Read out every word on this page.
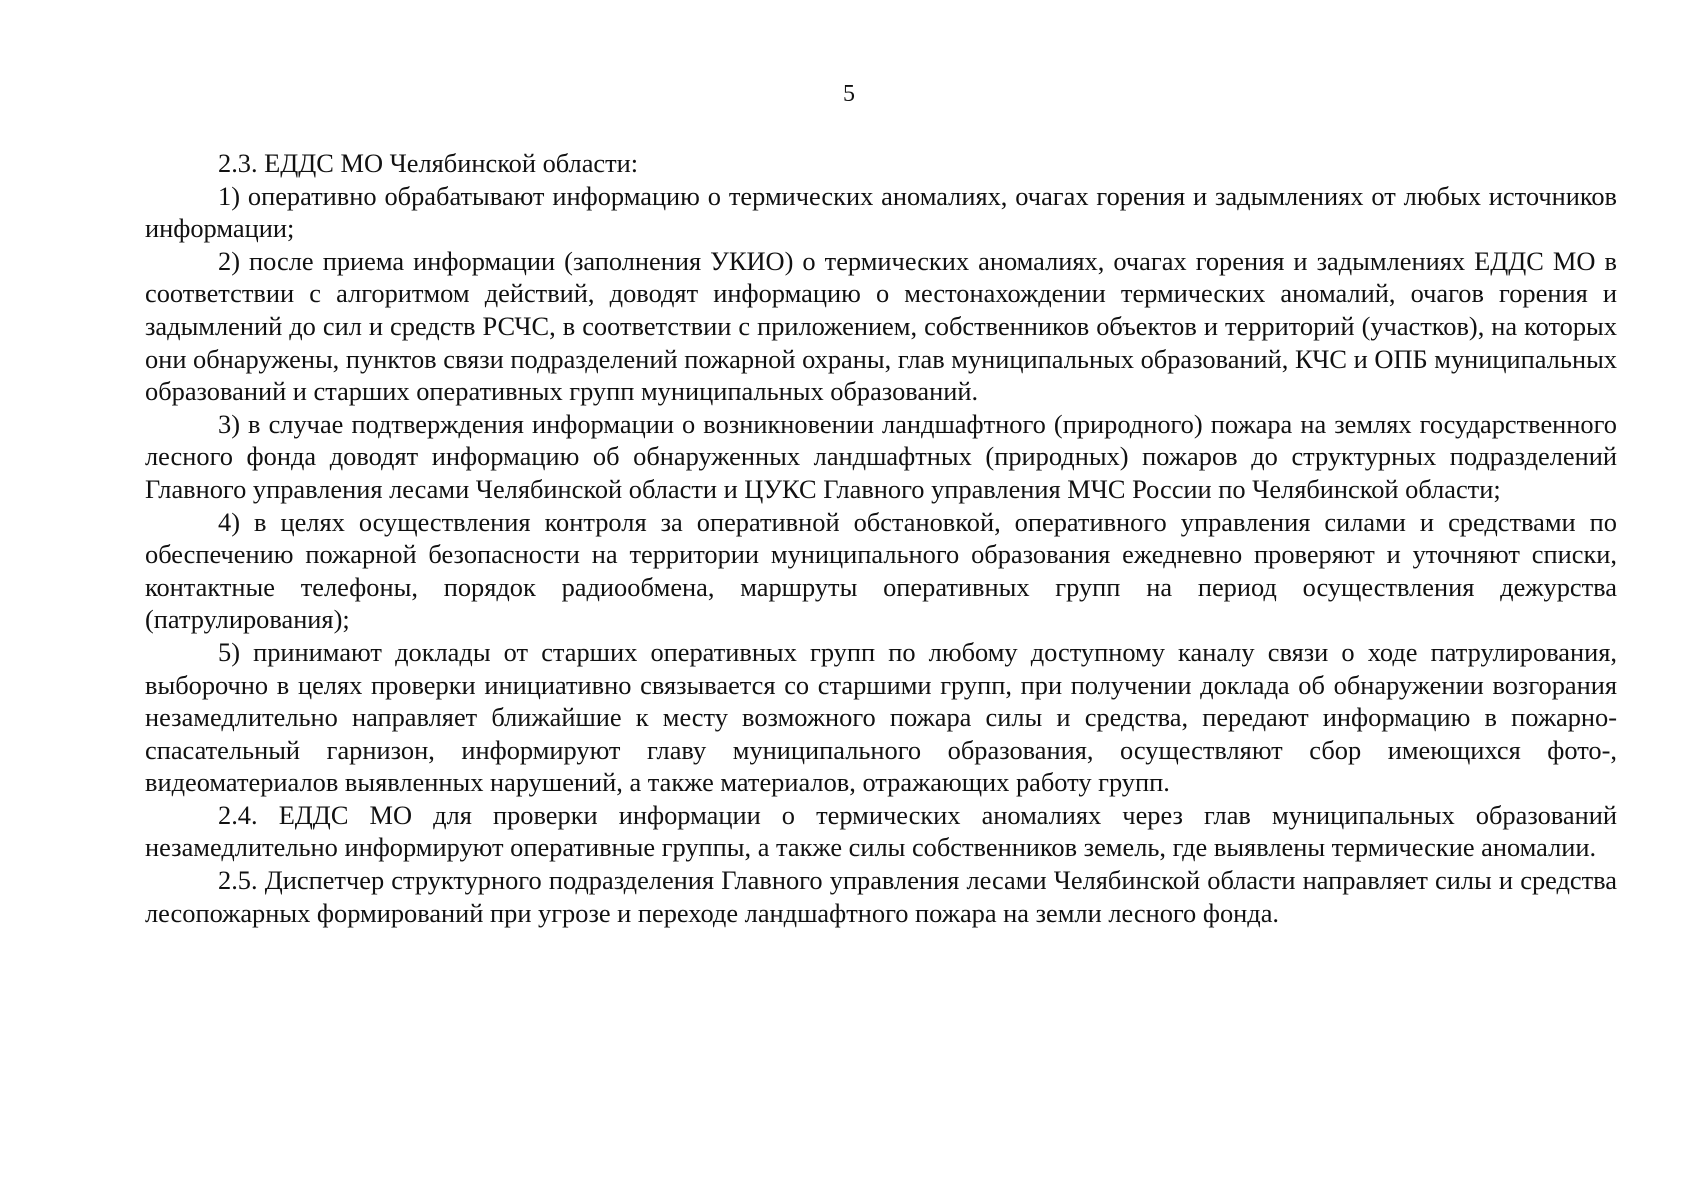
5

2.3. ЕДДС МО Челябинской области:

1) оперативно обрабатывают информацию о термических аномалиях, очагах горения и задымлениях от любых источников информации;

2) после приема информации (заполнения УКИО) о термических аномалиях, очагах горения и задымлениях ЕДДС МО в соответствии с алгоритмом действий, доводят информацию о местонахождении термических аномалий, очагов горения и задымлений до сил и средств РСЧС, в соответствии с приложением, собственников объектов и территорий (участков), на которых они обнаружены, пунктов связи подразделений пожарной охраны, глав муниципальных образований, КЧС и ОПБ муниципальных образований и старших оперативных групп муниципальных образований.

3) в случае подтверждения информации о возникновении ландшафтного (природного) пожара на землях государственного лесного фонда доводят информацию об обнаруженных ландшафтных (природных) пожаров до структурных подразделений Главного управления лесами Челябинской области и ЦУКС Главного управления МЧС России по Челябинской области;

4) в целях осуществления контроля за оперативной обстановкой, оперативного управления силами и средствами по обеспечению пожарной безопасности на территории муниципального образования ежедневно проверяют и уточняют списки, контактные телефоны, порядок радиообмена, маршруты оперативных групп на период осуществления дежурства (патрулирования);

5) принимают доклады от старших оперативных групп по любому доступному каналу связи о ходе патрулирования, выборочно в целях проверки инициативно связывается со старшими групп, при получении доклада об обнаружении возгорания незамедлительно направляет ближайшие к месту возможного пожара силы и средства, передают информацию в пожарно-спасательный гарнизон, информируют главу муниципального образования, осуществляют сбор имеющихся фото-, видеоматериалов выявленных нарушений, а также материалов, отражающих работу групп.

2.4. ЕДДС МО для проверки информации о термических аномалиях через глав муниципальных образований незамедлительно информируют оперативные группы, а также силы собственников земель, где выявлены термические аномалии.

2.5. Диспетчер структурного подразделения Главного управления лесами Челябинской области направляет силы и средства лесопожарных формирований при угрозе и переходе ландшафтного пожара на земли лесного фонда.
